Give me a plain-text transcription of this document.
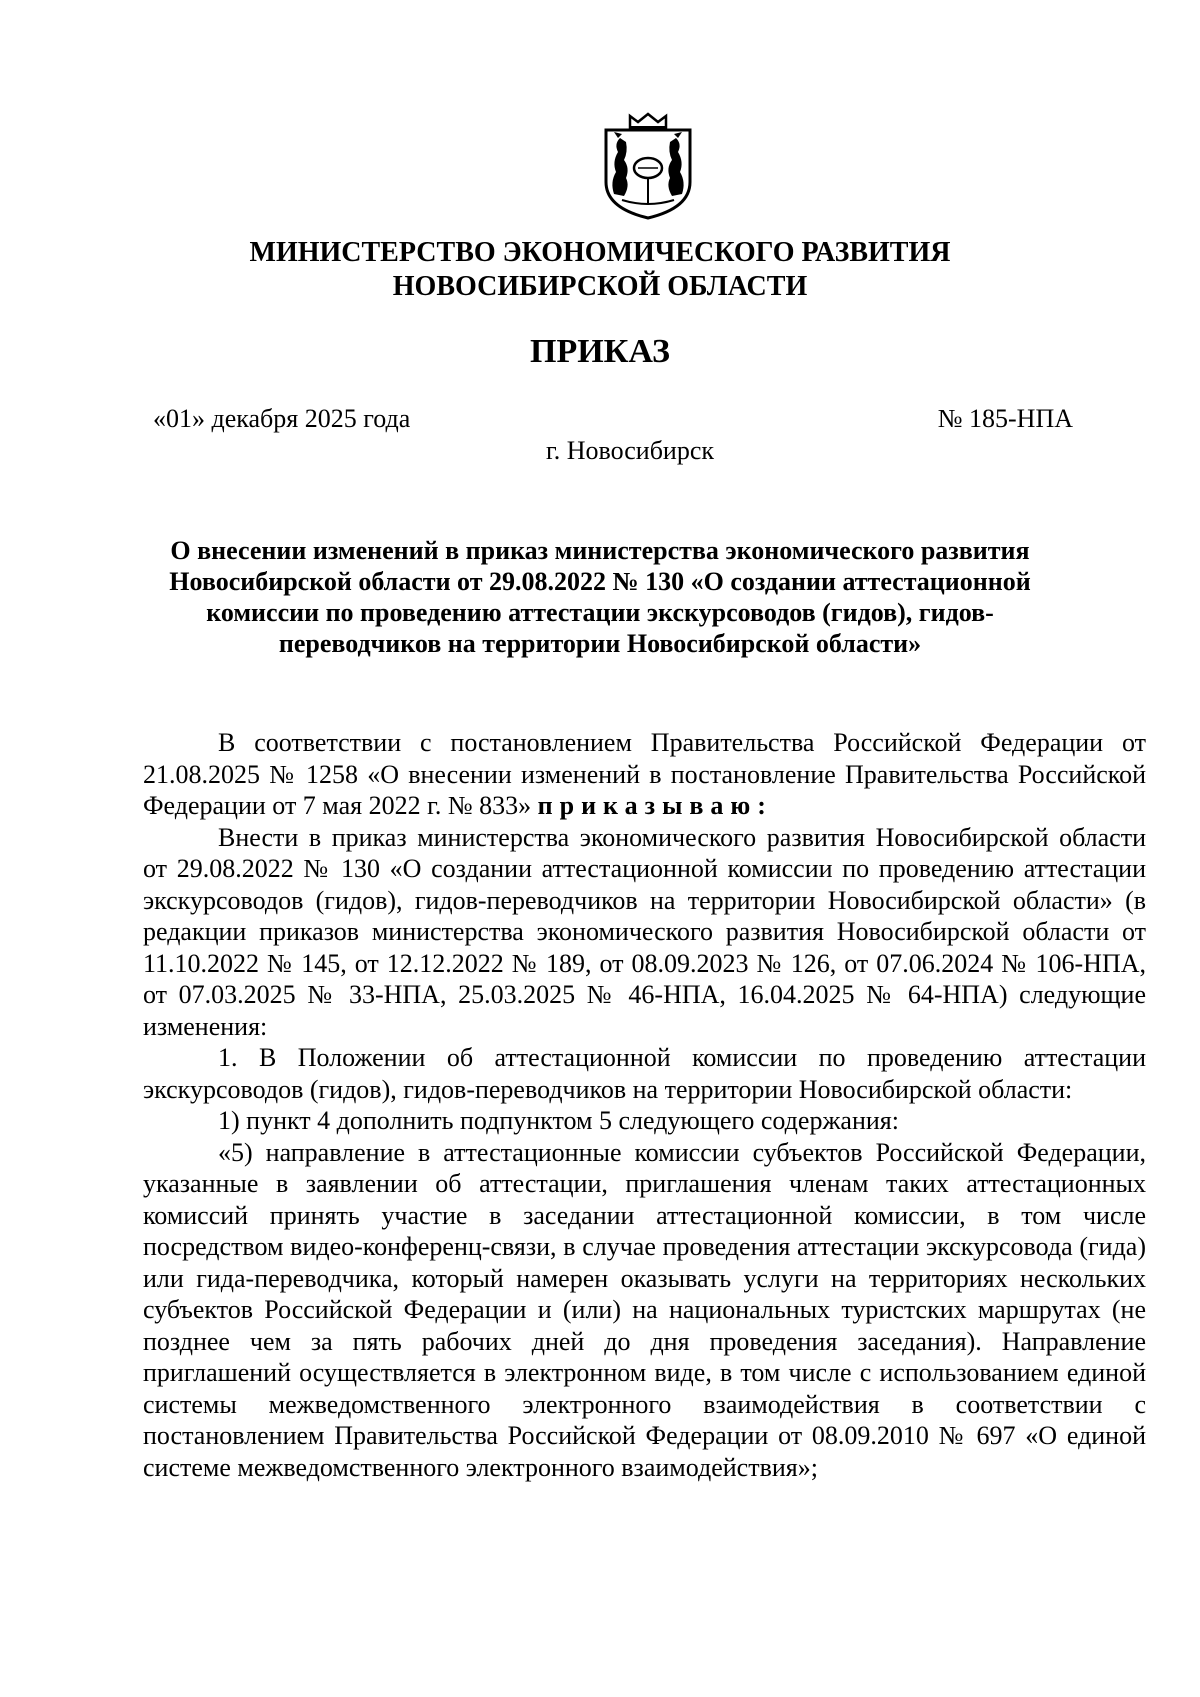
МИНИСТЕРСТВО ЭКОНОМИЧЕСКОГО РАЗВИТИЯ
НОВОСИБИРСКОЙ ОБЛАСТИ
ПРИКАЗ
«01» декабря 2025 года	№ 185-НПА
г. Новосибирск
О внесении изменений в приказ министерства экономического развития Новосибирской области от 29.08.2022 № 130 «О создании аттестационной комиссии по проведению аттестации экскурсоводов (гидов), гидов-переводчиков на территории Новосибирской области»

В соответствии с постановлением Правительства Российской Федерации от 21.08.2025 № 1258 «О внесении изменений в постановление Правительства Российской Федерации от 7 мая 2022 г. № 833» приказываю:

Внести в приказ министерства экономического развития Новосибирской области от 29.08.2022 № 130 «О создании аттестационной комиссии по проведению аттестации экскурсоводов (гидов), гидов-переводчиков на территории Новосибирской области» (в редакции приказов министерства экономического развития Новосибирской области от 11.10.2022 № 145, от 12.12.2022 № 189, от 08.09.2023 № 126, от 07.06.2024 № 106-НПА, от 07.03.2025 № 33-НПА, 25.03.2025 № 46-НПА, 16.04.2025 № 64-НПА) следующие изменения:

1. В Положении об аттестационной комиссии по проведению аттестации экскурсоводов (гидов), гидов-переводчиков на территории Новосибирской области:

1) пункт 4 дополнить подпунктом 5 следующего содержания:

«5) направление в аттестационные комиссии субъектов Российской Федерации, указанные в заявлении об аттестации, приглашения членам таких аттестационных комиссий принять участие в заседании аттестационной комиссии, в том числе посредством видео-конференц-связи, в случае проведения аттестации экскурсовода (гида) или гида-переводчика, который намерен оказывать услуги на территориях нескольких субъектов Российской Федерации и (или) на национальных туристских маршрутах (не позднее чем за пять рабочих дней до дня проведения заседания). Направление приглашений осуществляется в электронном виде, в том числе с использованием единой системы межведомственного электронного взаимодействия в соответствии с постановлением Правительства Российской Федерации от 08.09.2010 № 697 «О единой системе межведомственного электронного взаимодействия»;
